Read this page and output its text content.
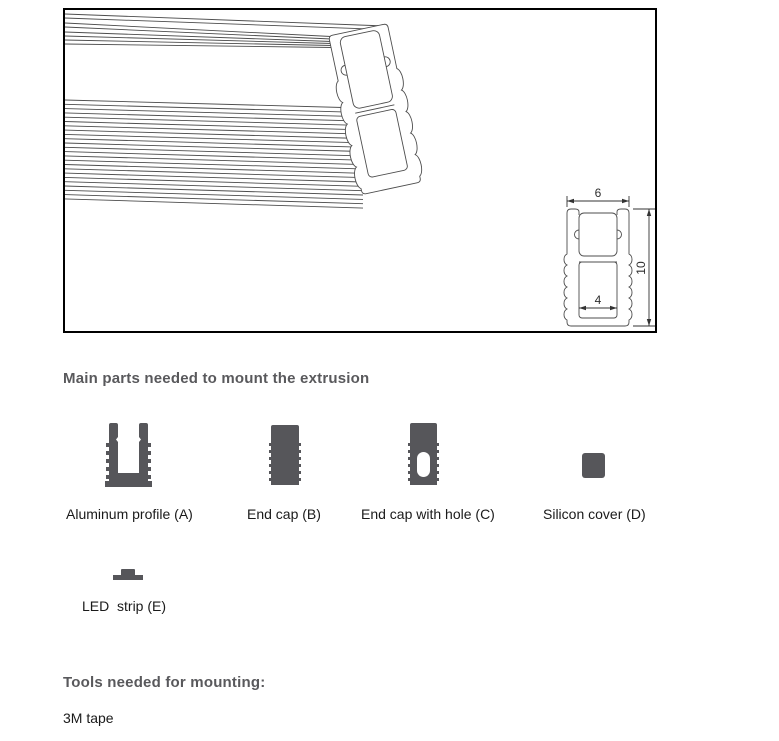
6
10
4
Main parts needed to mount the extrusion
Aluminum profile (A)	End cap (B)	End cap with hole (C)	Silicon cover (D)
LED  strip (E)
Tools needed for mounting:
3M tape
